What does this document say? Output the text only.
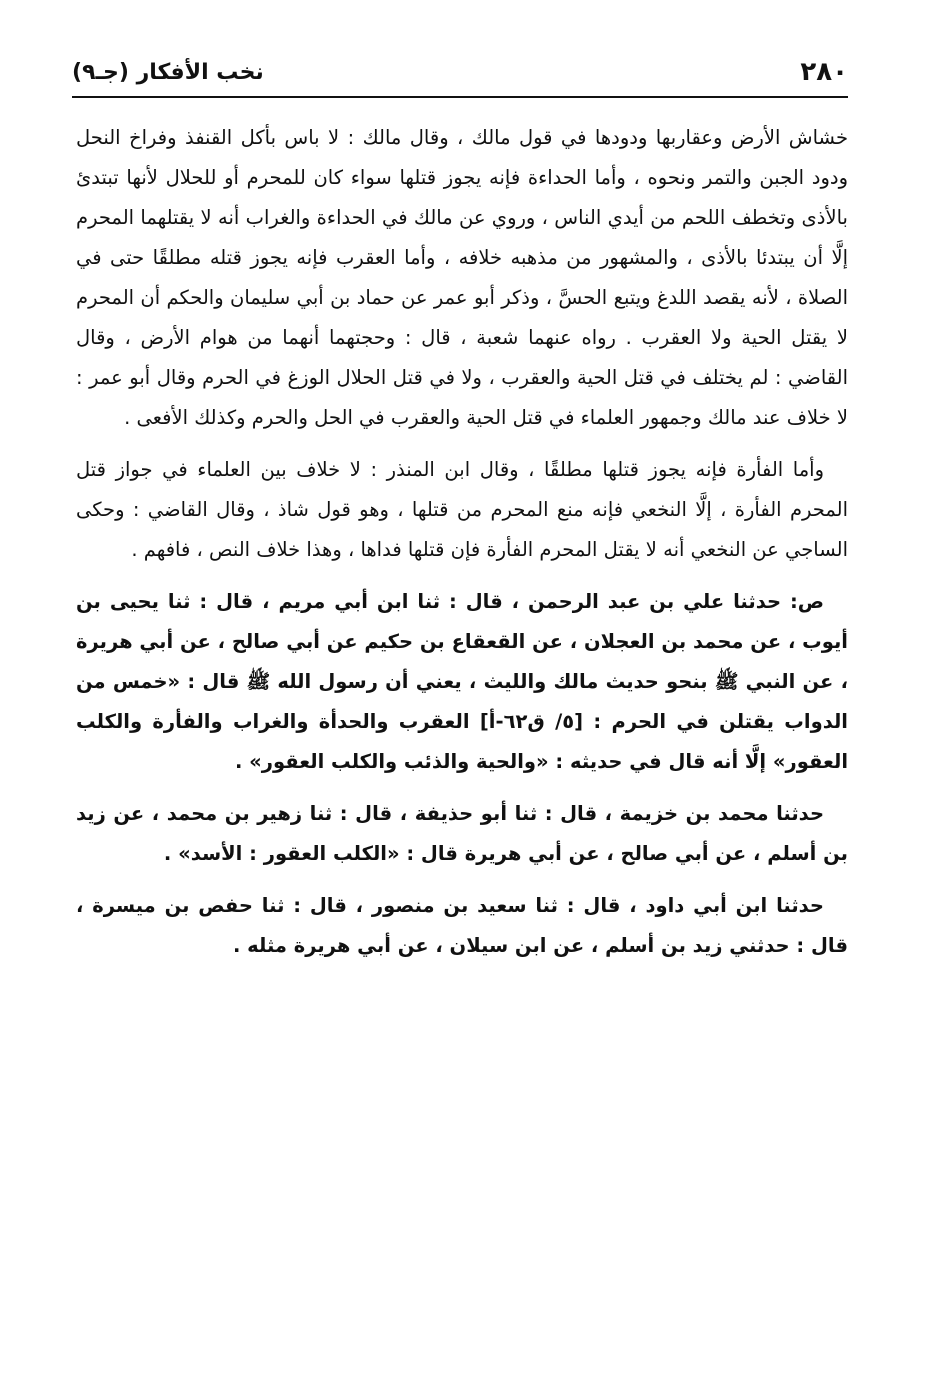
٢٨٠
نخب الأفكار (جـ٩)

خشاش الأرض وعقاربها ودودها في قول مالك ، وقال مالك : لا باس بأكل القنفذ وفراخ النحل ودود الجبن والتمر ونحوه ، وأما الحداءة فإنه يجوز قتلها سواء كان للمحرم أو للحلال لأنها تبتدئ بالأذى وتخطف اللحم من أيدي الناس ، وروي عن مالك في الحداءة والغراب أنه لا يقتلهما المحرم إلَّا أن يبتدئا بالأذى ، والمشهور من مذهبه خلافه ، وأما العقرب فإنه يجوز قتله مطلقًا حتى في الصلاة ، لأنه يقصد اللدغ ويتبع الحسَّ ، وذكر أبو عمر عن حماد بن أبي سليمان والحكم أن المحرم لا يقتل الحية ولا العقرب . رواه عنهما شعبة ، قال : وحجتهما أنهما من هوام الأرض ، وقال القاضي : لم يختلف في قتل الحية والعقرب ، ولا في قتل الحلال الوزغ في الحرم وقال أبو عمر : لا خلاف عند مالك وجمهور العلماء في قتل الحية والعقرب في الحل والحرم وكذلك الأفعى .

وأما الفأرة فإنه يجوز قتلها مطلقًا ، وقال ابن المنذر : لا خلاف بين العلماء في جواز قتل المحرم الفأرة ، إلَّا النخعي فإنه منع المحرم من قتلها ، وهو قول شاذ ، وقال القاضي : وحكى الساجي عن النخعي أنه لا يقتل المحرم الفأرة فإن قتلها فداها ، وهذا خلاف النص ، فافهم .

ص: حدثنا علي بن عبد الرحمن ، قال : ثنا ابن أبي مريم ، قال : ثنا يحيى بن أيوب ، عن محمد بن العجلان ، عن القعقاع بن حكيم عن أبي صالح ، عن أبي هريرة ، عن النبي ﷺ بنحو حديث مالك والليث ، يعني أن رسول الله ﷺ قال : «خمس من الدواب يقتلن في الحرم : [٥/ ق٦٢-أ] العقرب والحدأة والغراب والفأرة والكلب العقور» إلَّا أنه قال في حديثه : «والحية والذئب والكلب العقور» .

حدثنا محمد بن خزيمة ، قال : ثنا أبو حذيفة ، قال : ثنا زهير بن محمد ، عن زيد بن أسلم ، عن أبي صالح ، عن أبي هريرة قال : «الكلب العقور : الأسد» .

حدثنا ابن أبي داود ، قال : ثنا سعيد بن منصور ، قال : ثنا حفص بن ميسرة ، قال : حدثني زيد بن أسلم ، عن ابن سيلان ، عن أبي هريرة مثله .
